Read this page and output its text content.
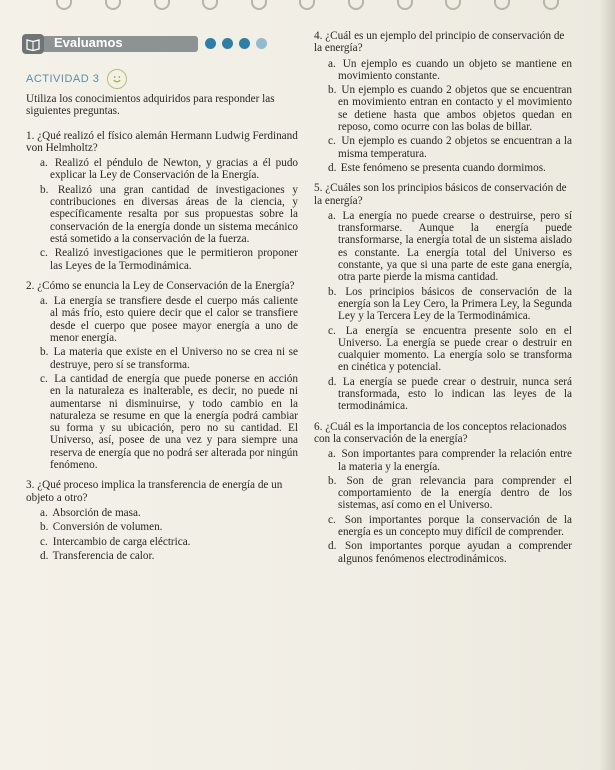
Evaluamos
ACTIVIDAD 3

Utiliza los conocimientos adquiridos para responder las siguientes preguntas.

1. ¿Qué realizó el físico alemán Hermann Ludwig Ferdinand von Helmholtz?

a. Realizó el péndulo de Newton, y gracias a él pudo explicar la Ley de Conservación de la Energía.

b. Realizó una gran cantidad de investigaciones y contribuciones en diversas áreas de la ciencia, y específicamente resalta por sus propuestas sobre la conservación de la energía donde un sistema mecánico está sometido a la conservación de la fuerza.

c. Realizó investigaciones que le permitieron proponer las Leyes de la Termodinámica.

2. ¿Cómo se enuncia la Ley de Conservación de la Energía?

a. La energía se transfiere desde el cuerpo más caliente al más frío, esto quiere decir que el calor se transfiere desde el cuerpo que posee mayor energía a uno de menor energía.

b. La materia que existe en el Universo no se crea ni se destruye, pero sí se transforma.

c. La cantidad de energía que puede ponerse en acción en la naturaleza es inalterable, es decir, no puede ni aumentarse ni disminuirse, y todo cambio en la naturaleza se resume en que la energía podrá cambiar su forma y su ubicación, pero no su cantidad. El Universo, así, posee de una vez y para siempre una reserva de energía que no podrá ser alterada por ningún fenómeno.

3. ¿Qué proceso implica la transferencia de energía de un objeto a otro?

a. Absorción de masa.

b. Conversión de volumen.

c. Intercambio de carga eléctrica.

d. Transferencia de calor.

4. ¿Cuál es un ejemplo del principio de conservación de la energía?

a. Un ejemplo es cuando un objeto se mantiene en movimiento constante.

b. Un ejemplo es cuando 2 objetos que se encuentran en movimiento entran en contacto y el movimiento se detiene hasta que ambos objetos quedan en reposo, como ocurre con las bolas de billar.

c. Un ejemplo es cuando 2 objetos se encuentran a la misma temperatura.

d. Este fenómeno se presenta cuando dormimos.

5. ¿Cuáles son los principios básicos de conservación de la energía?

a. La energía no puede crearse o destruirse, pero sí transformarse. Aunque la energía puede transformarse, la energía total de un sistema aislado es constante. La energía total del Universo es constante, ya que si una parte de este gana energía, otra parte pierde la misma cantidad.

b. Los principios básicos de conservación de la energía son la Ley Cero, la Primera Ley, la Segunda Ley y la Tercera Ley de la Termodinámica.

c. La energía se encuentra presente solo en el Universo. La energía se puede crear o destruir en cualquier momento. La energía solo se transforma en cinética y potencial.

d. La energía se puede crear o destruir, nunca será transformada, esto lo indican las leyes de la termodinámica.

6. ¿Cuál es la importancia de los conceptos relacionados con la conservación de la energía?

a. Son importantes para comprender la relación entre la materia y la energía.

b. Son de gran relevancia para comprender el comportamiento de la energía dentro de los sistemas, así como en el Universo.

c. Son importantes porque la conservación de la energía es un concepto muy difícil de comprender.

d. Son importantes porque ayudan a comprender algunos fenómenos electrodinámicos.
